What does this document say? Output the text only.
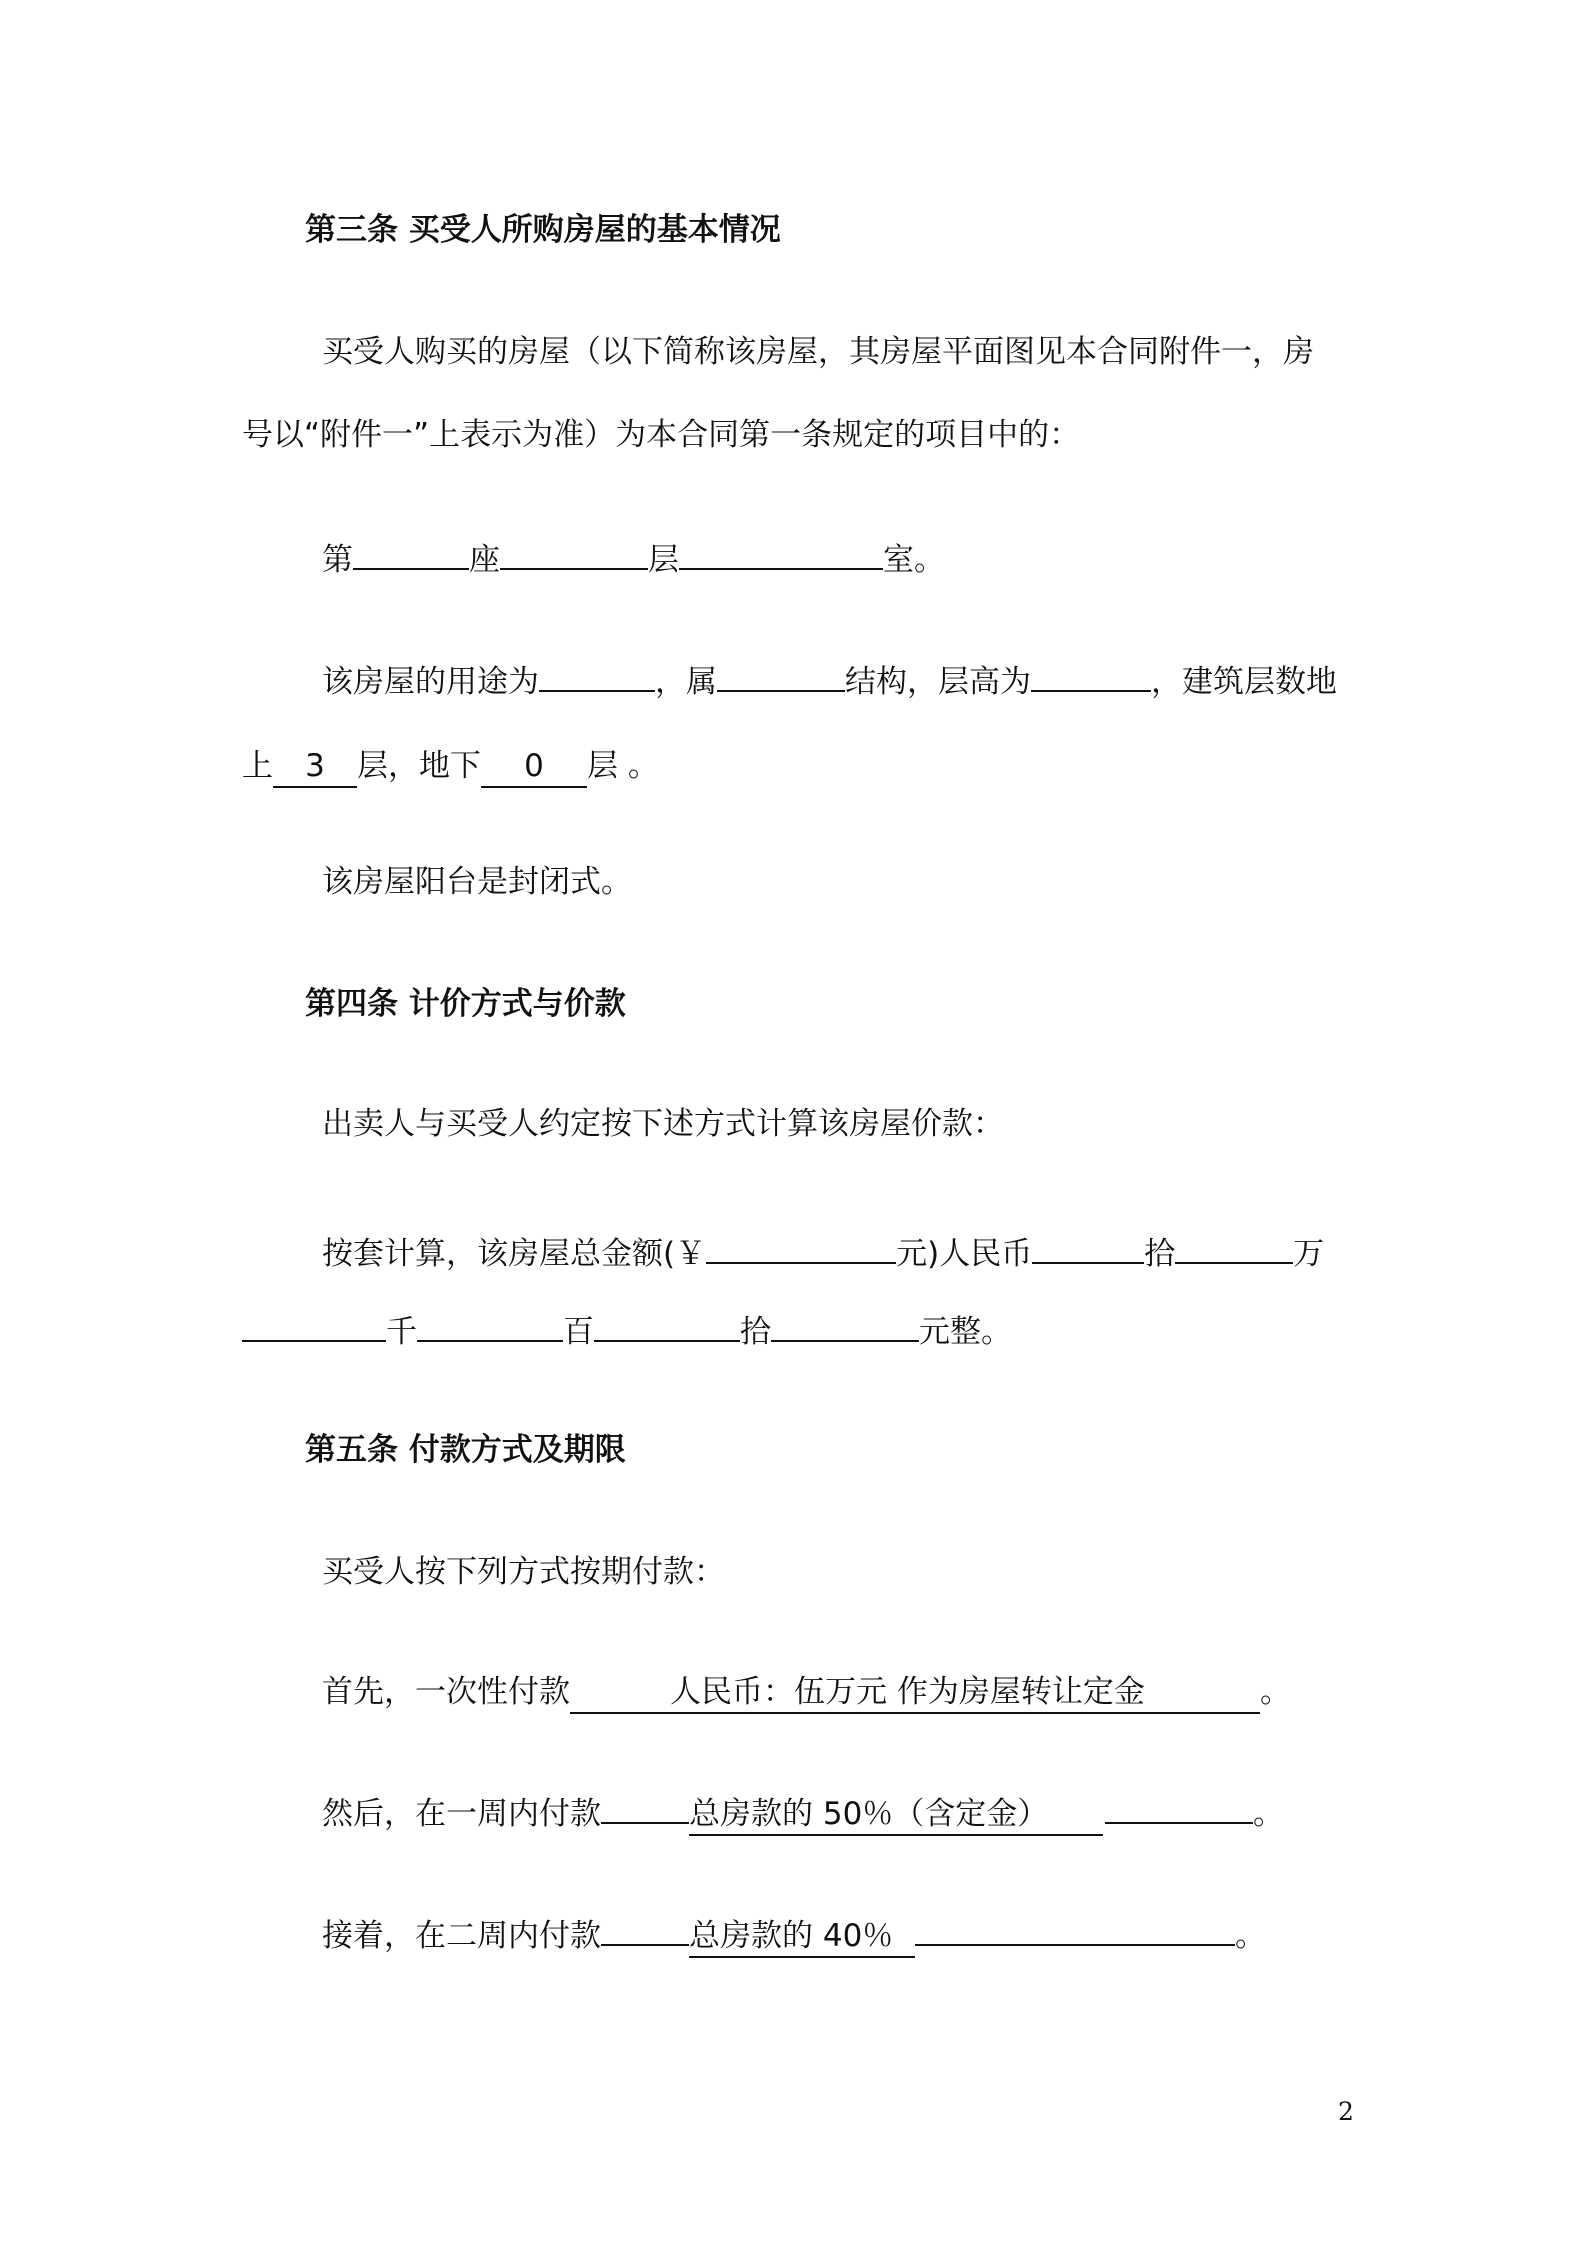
第三条 买受人所购房屋的基本情况
买受人购买的房屋（以下简称该房屋，其房屋平面图见本合同附件一，房
号以“附件一”上表示为准）为本合同第一条规定的项目中的：
第	座	层	室。
该房屋的用途为	，属	结构，层高为	，建筑层数地
上 3 层，地下 0 层 。
该房屋阳台是封闭式。
第四条 计价方式与价款
出卖人与买受人约定按下述方式计算该房屋价款：
按套计算，该房屋总金额(￥	元)人民币	拾	万
千	百	拾	元整。
第五条 付款方式及期限
买受人按下列方式按期付款：
首先，一次性付款	人民币：伍万元 作为房屋转让定金	。
然后，在一周内付款	总房款的 50％（含定金）	。
接着，在二周内付款	总房款的 40％	。
2
